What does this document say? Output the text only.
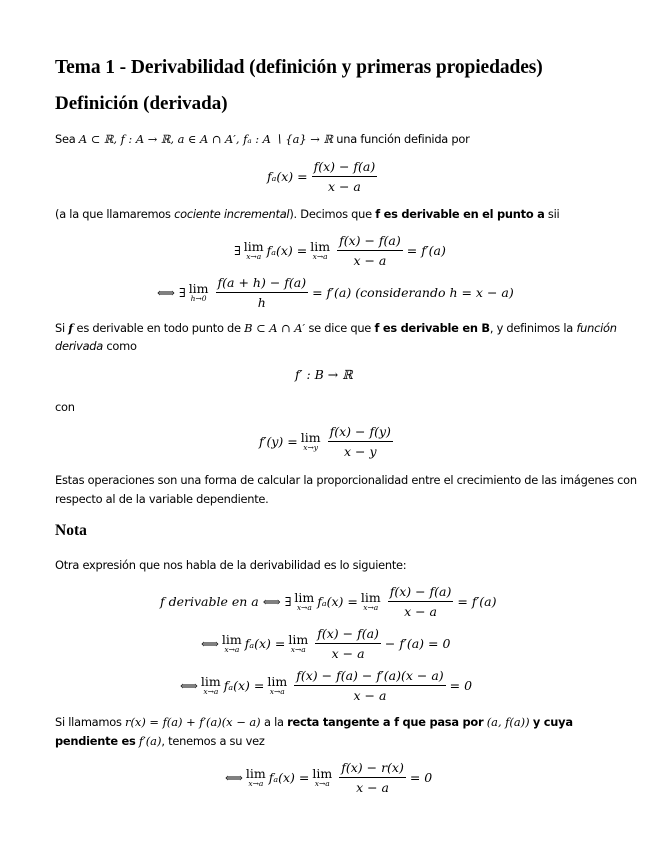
Tema 1 - Derivabilidad (definición y primeras propiedades)
Definición (derivada)
Sea A ⊂ ℝ, f : A → ℝ, a ∈ A ∩ A′, fₐ : A ∖ {a} → ℝ una función definida por
$f_a(x) = \frac{f(x) - f(a)}{x - a}$
(a la que llamaremos cociente incremental). Decimos que f es derivable en el punto a sii
∃ lim
x→a fₐ(x) = lim
$x\to a \frac{f(x) - f(a)}{x - a} = f'(a)$
⟺ ∃ lim
$h\to 0 \frac{f(a + h) - f(a)}{h} = f'(a)$ (considerando h = x − a)
Si f es derivable en todo punto de B ⊂ A ∩ A′ se dice que f es derivable en B, y definimos la función
derivada como
f′ : B → ℝ
con
f′(y) = lim
$x\to y \frac{f(x) - f(y)}{x - y}$
Estas operaciones son una forma de calcular la proporcionalidad entre el crecimiento de las imágenes con
respecto al de la variable dependiente.
Nota
Otra expresión que nos habla de la derivabilidad es lo siguiente:
f derivable en a ⟺ ∃ lim
x→a fₐ(x) = lim
$x\to a \frac{f(x) - f(a)}{x - a} = f'(a)$
⟺ lim
x→a fₐ(x) = lim
$x\to a \frac{f(x) - f(a)}{x - a} - f'(a) = 0$
⟺ lim
x→a fₐ(x) = lim
$x\to a \frac{f(x) - f(a) - f'(a)(x - a)}{x - a} = 0$
Si llamamos r(x) = f(a) + f′(a)(x − a) a la recta tangente a f que pasa por (a, f(a)) y cuya
pendiente es f′(a), tenemos a su vez
⟺ lim
x→a fₐ(x) = lim
$x\to a \frac{f(x) - r(x)}{x - a} = 0$
